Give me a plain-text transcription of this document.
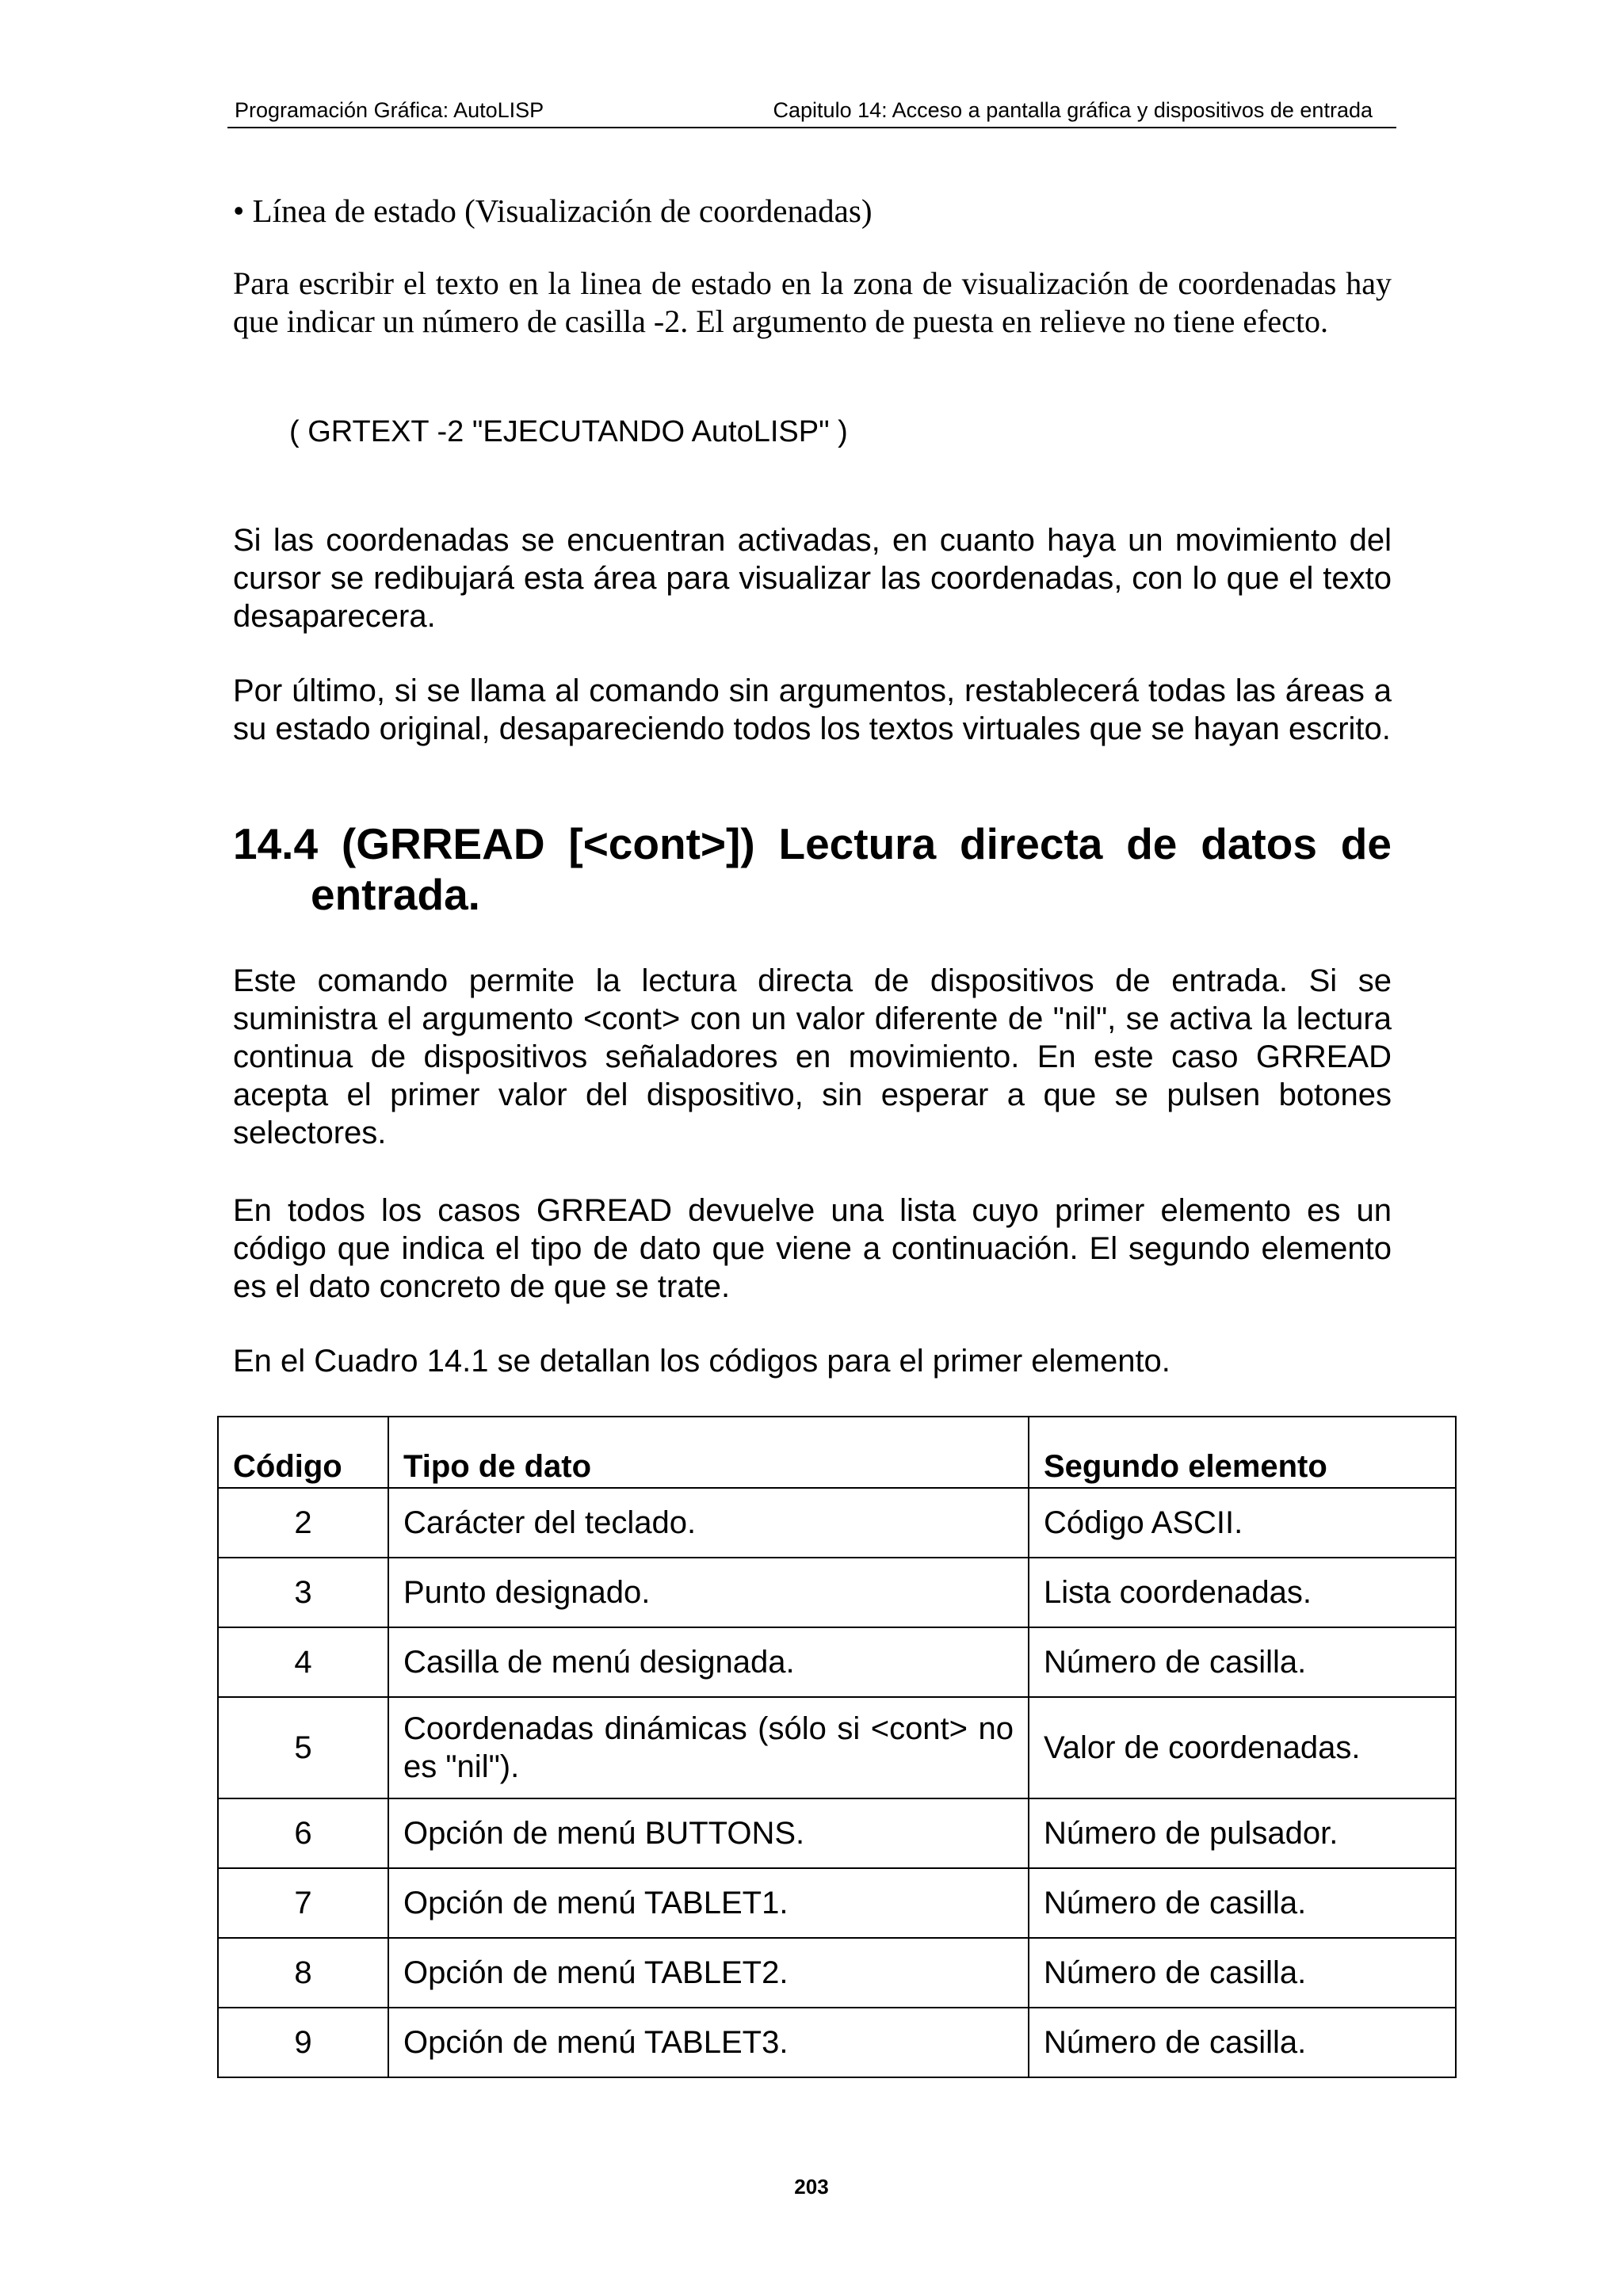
Programación Gráfica: AutoLISP	Capitulo 14: Acceso a pantalla gráfica y dispositivos de entrada
• Línea de estado (Visualización de coordenadas)
Para escribir el texto en la linea de estado en la zona de visualización de coordenadas hay que indicar un número de casilla -2. El argumento de puesta en relieve no tiene efecto.
( GRTEXT -2 "EJECUTANDO AutoLISP" )
Si las coordenadas se encuentran activadas, en cuanto haya un movimiento del cursor se redibujará esta área para visualizar las coordenadas, con lo que el texto desaparecera.
Por último, si se llama al comando sin argumentos, restablecerá todas las áreas a su estado original, desapareciendo todos los textos virtuales que se hayan escrito.
14.4 (GRREAD [<cont>]) Lectura directa de datos de
entrada.
Este comando permite la lectura directa de dispositivos de entrada. Si se suministra el argumento <cont> con un valor diferente de "nil", se activa la lectura continua de dispositivos señaladores en movimiento. En este caso GRREAD acepta el primer valor del dispositivo, sin esperar a que se pulsen botones selectores.
En todos los casos GRREAD devuelve una lista cuyo primer elemento es un código que indica el tipo de dato que viene a continuación. El segundo elemento es el dato concreto de que se trate.
En el Cuadro 14.1 se detallan los códigos para el primer elemento.
Código	Tipo de dato	Segundo elemento
2	Carácter del teclado.	Código ASCII.
3	Punto designado.	Lista coordenadas.
4	Casilla de menú designada.	Número de casilla.
5	Coordenadas dinámicas (sólo si <cont> no es "nil").	Valor de coordenadas.
6	Opción de menú BUTTONS.	Número de pulsador.
7	Opción de menú TABLET1.	Número de casilla.
8	Opción de menú TABLET2.	Número de casilla.
9	Opción de menú TABLET3.	Número de casilla.
203
